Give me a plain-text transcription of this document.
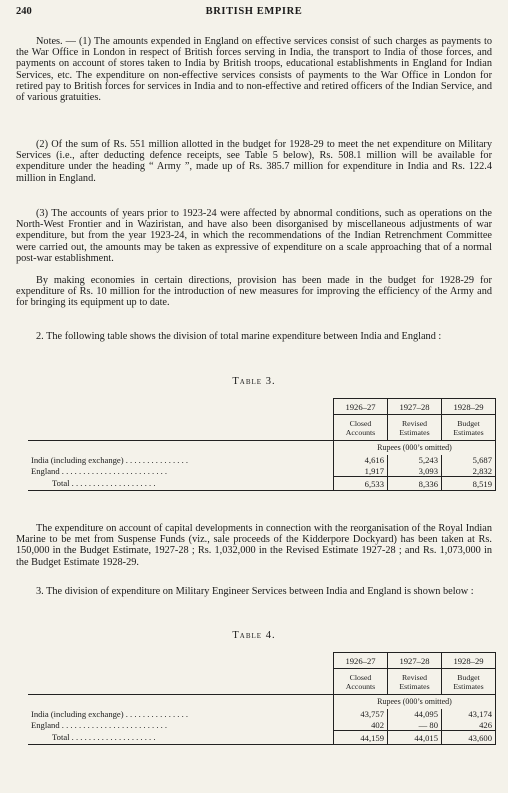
240	BRITISH EMPIRE

Notes. — (1) The amounts expended in England on effective services consist of such charges as payments to the War Office in London in respect of British forces serving in India, the transport to India of those forces, and payments on account of stores taken to India by British troops, educational establishments in England for Indian Services, etc. The expenditure on non-effective services consists of payments to the War Office in London for retired pay to British forces for services in India and to non-effective and retired officers of the Indian Service, and of various gratuities.

(2) Of the sum of Rs. 551 million allotted in the budget for 1928-29 to meet the net expenditure on Military Services (i.e., after deducting defence receipts, see Table 5 below), Rs. 508.1 million will be available for expenditure under the heading “ Army ”, made up of Rs. 385.7 million for expenditure in India and Rs. 122.4 million in England.

(3) The accounts of years prior to 1923-24 were affected by abnormal conditions, such as operations on the North-West Frontier and in Waziristan, and have also been disorganised by miscellaneous adjustments of war expenditure, but from the year 1923-24, in which the recommendations of the Indian Retrenchment Committee were carried out, the amounts may be taken as expressive of expenditure on a scale approaching that of a normal post-war establishment.

By making economies in certain directions, provision has been made in the budget for 1928-29 for expenditure of Rs. 10 million for the introduction of new measures for improving the efficiency of the Army and for bringing its equipment up to date.

2. The following table shows the division of total marine expenditure between India and England :

Table 3.
	1926–27	1927–28	1928–29
	Closed Accounts	Revised Estimates	Budget Estimates
	Rupees (000’s omitted)		
India (including exchange) . . . . . . . . . . . . . . .	4,616	5,243	5,687
England . . . . . . . . . . . . . . . . . . . . . . . . .	1,917	3,093	2,832
Total . . . . . . . . . . . . . . . . . . . .	6,533	8,336	8,519

The expenditure on account of capital developments in connection with the reorganisation of the Royal Indian Marine to be met from Suspense Funds (viz., sale proceeds of the Kidderpore Dockyard) has been taken at Rs. 150,000 in the Budget Estimate, 1927-28 ; Rs. 1,032,000 in the Revised Estimate 1927-28 ; and Rs. 1,073,000 in the Budget Estimate 1928-29.

3. The division of expenditure on Military Engineer Services between India and England is shown below :

Table 4.
	1926–27	1927–28	1928–29
	Closed Accounts	Revised Estimates	Budget Estimates
	Rupees (000’s omitted)		
India (including exchange) . . . . . . . . . . . . . . .	43,757	44,095	43,174
England . . . . . . . . . . . . . . . . . . . . . . . . .	402	— 80	426
Total . . . . . . . . . . . . . . . . . . . .	44,159	44,015	43,600
